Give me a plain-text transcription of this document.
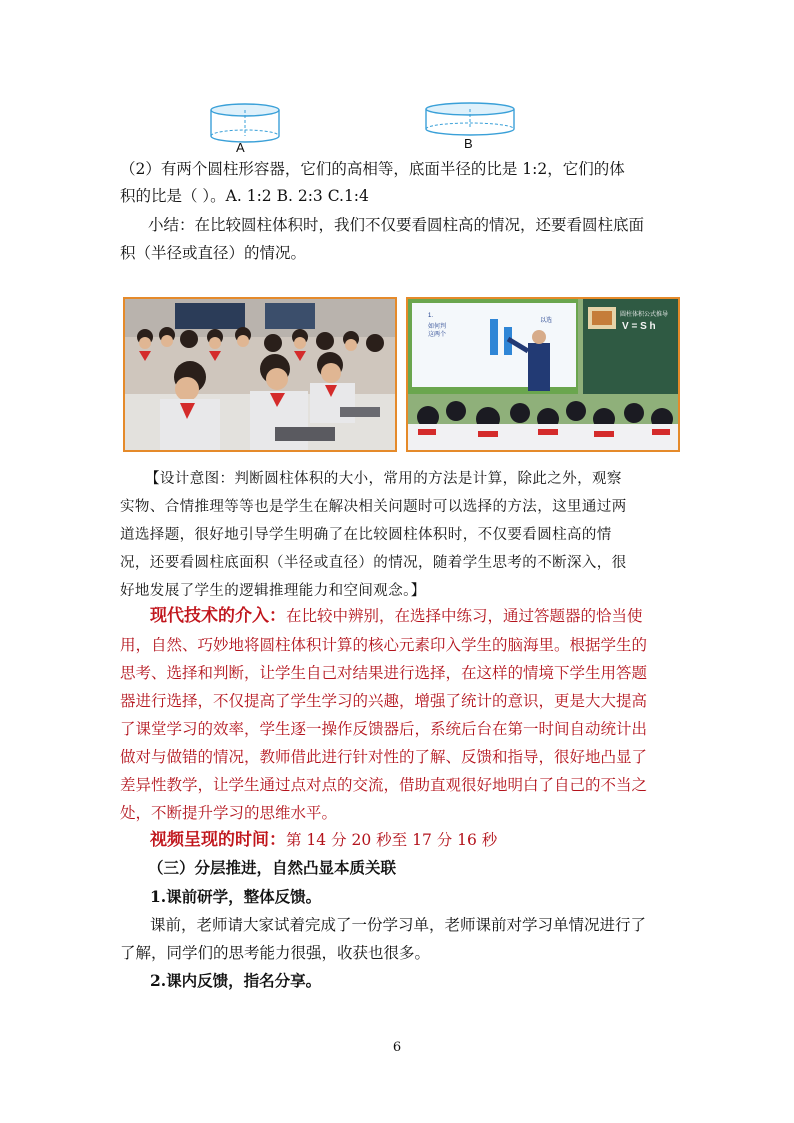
A	B
（2）有两个圆柱形容器，它们的高相等，底面半径的比是 1:2，它们的体
积的比是（ ）。A. 1:2 B. 2:3 C.1:4
小结：在比较圆柱体积时，我们不仅要看圆柱高的情况，还要看圆柱底面
积（半径或直径）的情况。
1.
如何判
这两个
以选
圆柱体积公式推导
V = S h
【设计意图：判断圆柱体积的大小，常用的方法是计算，除此之外，观察
实物、合情推理等等也是学生在解决相关问题时可以选择的方法，这里通过两
道选择题，很好地引导学生明确了在比较圆柱体积时，不仅要看圆柱高的情
况，还要看圆柱底面积（半径或直径）的情况，随着学生思考的不断深入，很
好地发展了学生的逻辑推理能力和空间观念。】
现代技术的介入：在比较中辨别，在选择中练习，通过答题器的恰当使
用，自然、巧妙地将圆柱体积计算的核心元素印入学生的脑海里。根据学生的
思考、选择和判断，让学生自己对结果进行选择，在这样的情境下学生用答题
器进行选择，不仅提高了学生学习的兴趣，增强了统计的意识，更是大大提高
了课堂学习的效率，学生逐一操作反馈器后，系统后台在第一时间自动统计出
做对与做错的情况，教师借此进行针对性的了解、反馈和指导，很好地凸显了
差异性教学，让学生通过点对点的交流，借助直观很好地明白了自己的不当之
处，不断提升学习的思维水平。
视频呈现的时间：第 14 分 20 秒至 17 分 16 秒
（三）分层推进，自然凸显本质关联
1.课前研学，整体反馈。
课前，老师请大家试着完成了一份学习单，老师课前对学习单情况进行了
了解，同学们的思考能力很强，收获也很多。
2.课内反馈，指名分享。
6
